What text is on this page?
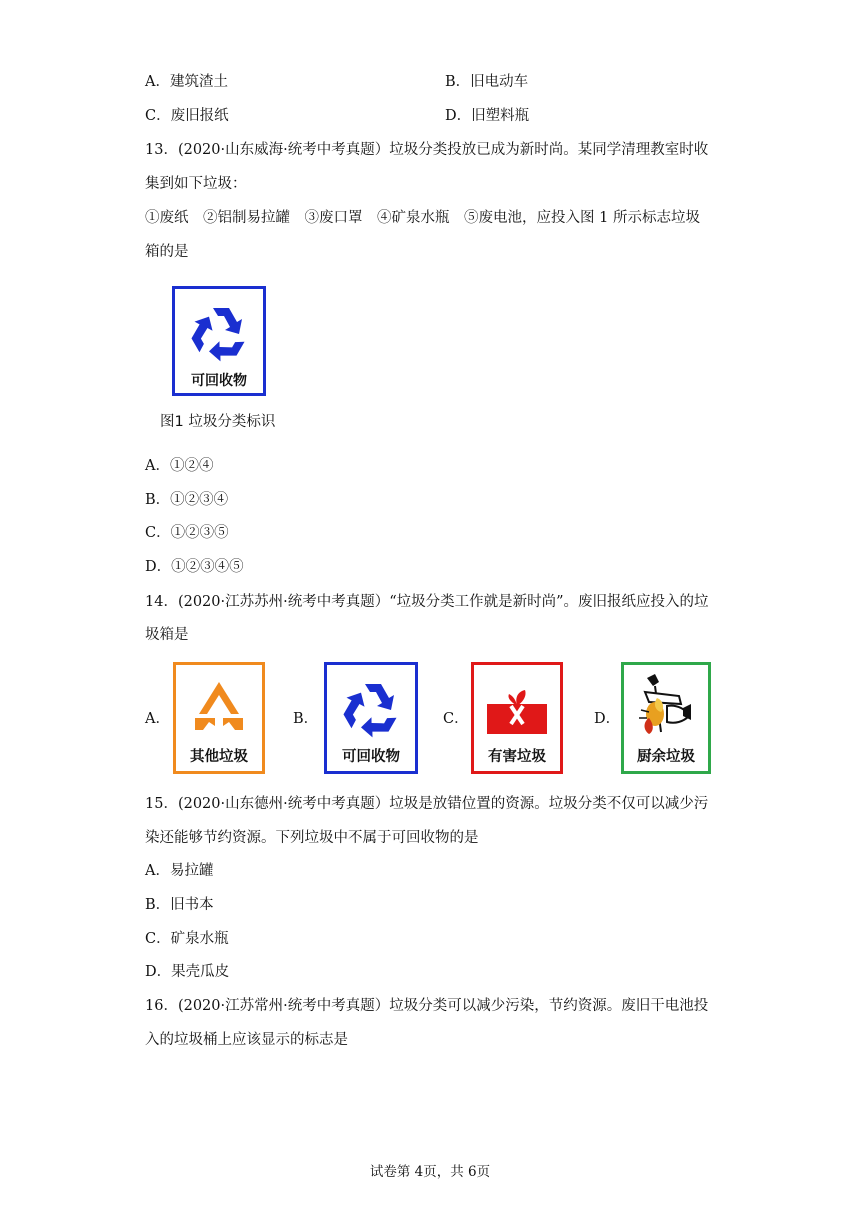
A．建筑渣土	B．旧电动车
C．废旧报纸	D．旧塑料瓶
13．(2020·山东威海·统考中考真题）垃圾分类投放已成为新时尚。某同学清理教室时收
集到如下垃圾：
①废纸　②铝制易拉罐　③废口罩　④矿泉水瓶　⑤废电池，应投入图 1 所示标志垃圾
箱的是
可回收物
图1 垃圾分类标识
A．①②④
B．①②③④
C．①②③⑤
D．①②③④⑤
14．(2020·江苏苏州·统考中考真题）“垃圾分类工作就是新时尚”。废旧报纸应投入的垃
圾箱是
A．
其他垃圾
B．
可回收物
C．
有害垃圾
D．
厨余垃圾
15．(2020·山东德州·统考中考真题）垃圾是放错位置的资源。垃圾分类不仅可以减少污
染还能够节约资源。下列垃圾中不属于可回收物的是
A．易拉罐
B．旧书本
C．矿泉水瓶
D．果壳瓜皮
16．(2020·江苏常州·统考中考真题）垃圾分类可以减少污染，节约资源。废旧干电池投
入的垃圾桶上应该显示的标志是
试卷第 4页，共 6页
